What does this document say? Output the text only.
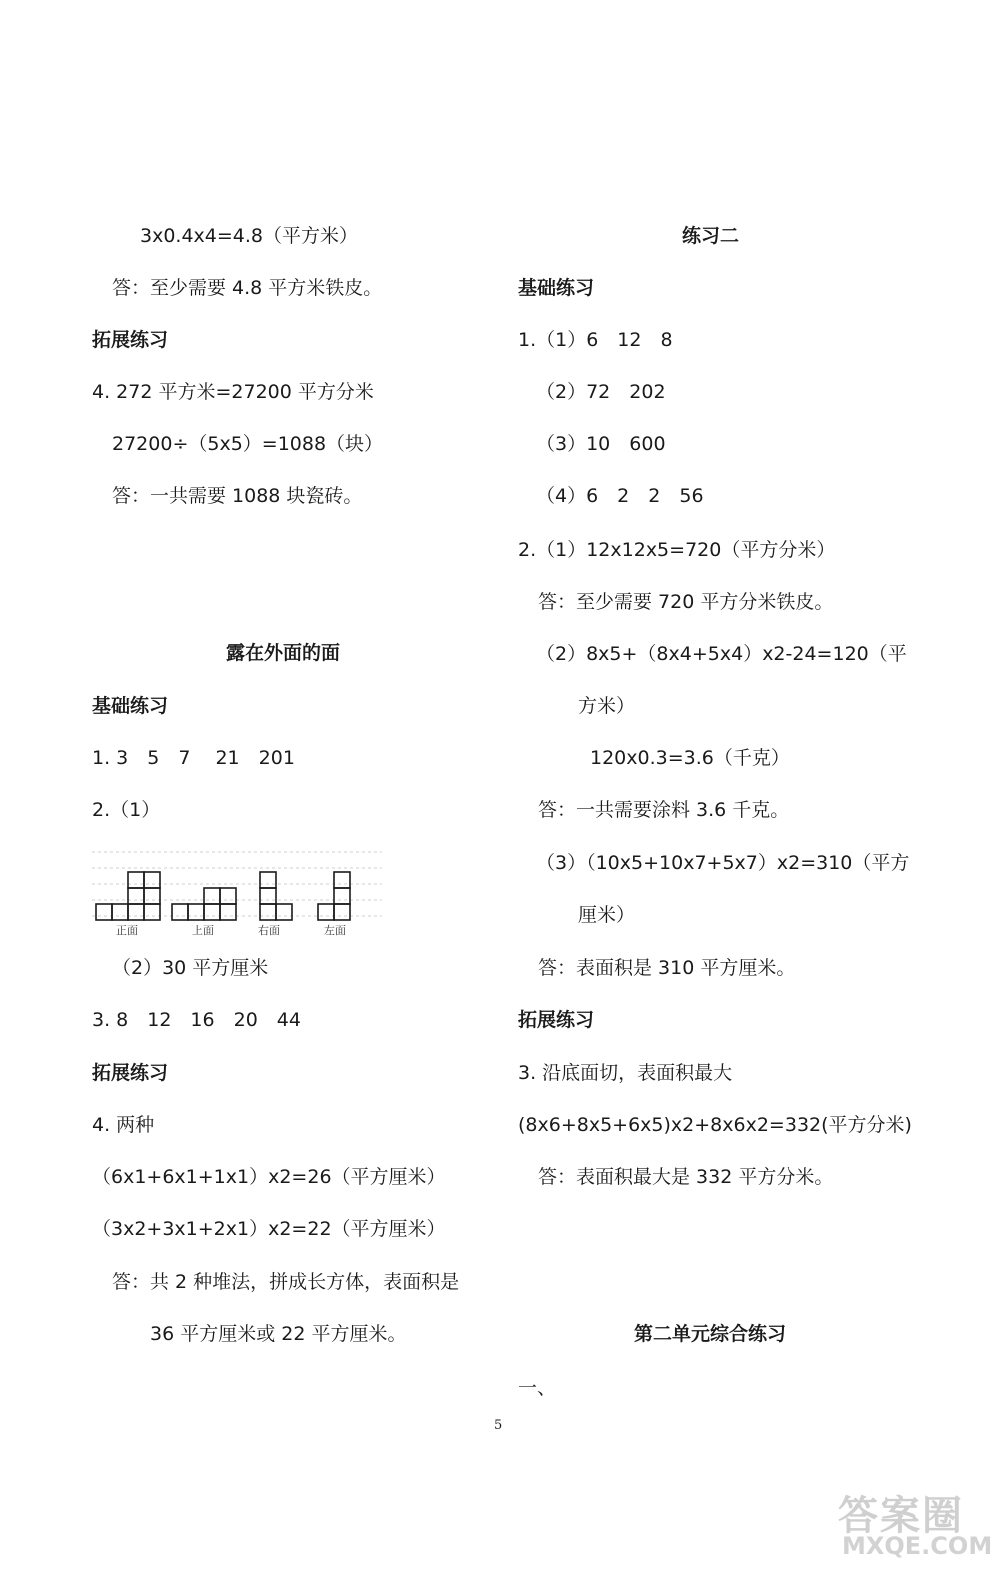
3x0.4x4=4.8（平方米）
答：至少需要 4.8 平方米铁皮。
拓展练习
4. 272 平方米=27200 平方分米
27200÷（5x5）=1088（块）
答：一共需要 1088 块瓷砖。
露在外面的面
基础练习
1. 3　5　7　 21　201
2.（1）
正面	上面	右面	左面
（2）30 平方厘米
3. 8　12　16　20　44
拓展练习
4. 两种
（6x1+6x1+1x1）x2=26（平方厘米）
（3x2+3x1+2x1）x2=22（平方厘米）
答：共 2 种堆法，拼成长方体，表面积是
36 平方厘米或 22 平方厘米。
练习二
基础练习
1.（1）6　12　8
（2）72　202
（3）10　600
（4）6　2　2　56
2.（1）12x12x5=720（平方分米）
答：至少需要 720 平方分米铁皮。
（2）8x5+（8x4+5x4）x2-24=120（平
方米）
120x0.3=3.6（千克）
答：一共需要涂料 3.6 千克。
（3）（10x5+10x7+5x7）x2=310（平方
厘米）
答：表面积是 310 平方厘米。
拓展练习
3. 沿底面切，表面积最大
(8x6+8x5+6x5)x2+8x6x2=332(平方分米)
答：表面积最大是 332 平方分米。
第二单元综合练习
一、
5
答案圈
MXQE.COM
